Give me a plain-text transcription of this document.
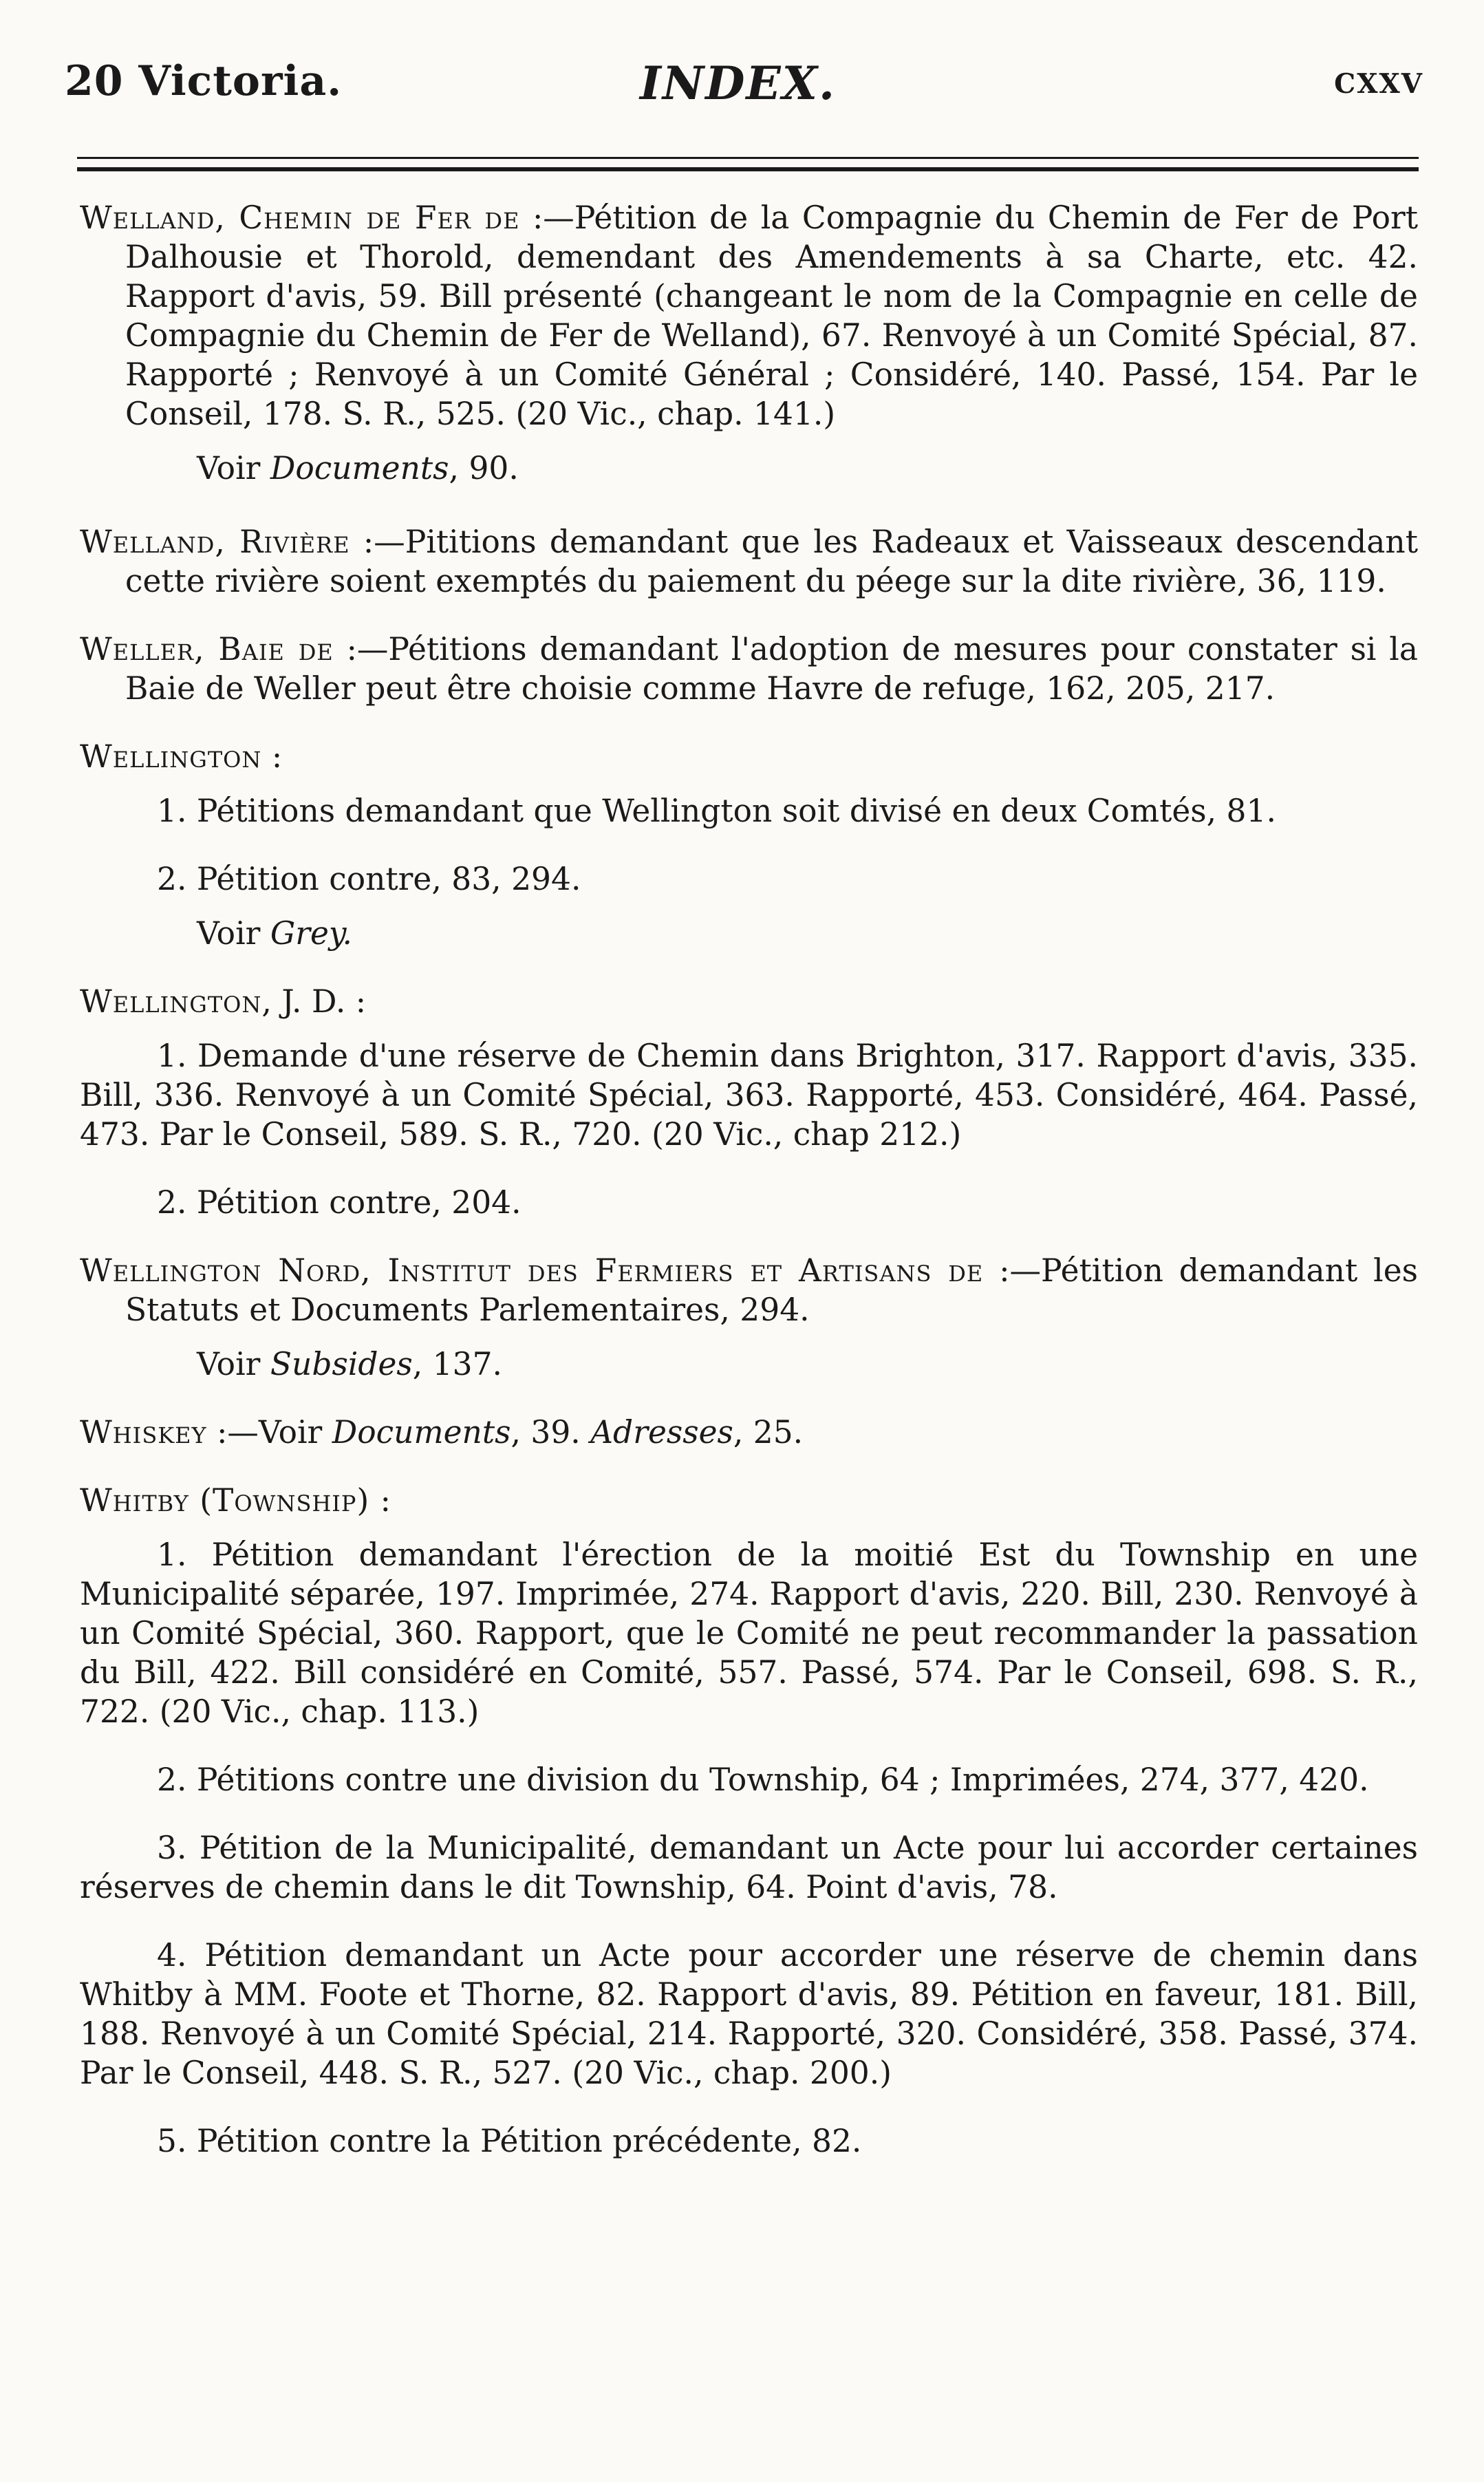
20 Victoria.	INDEX.	cxxv

Welland, Chemin de Fer de :—Pétition de la Compagnie du Chemin de Fer de Port Dalhousie et Thorold, demendant des Amendements à sa Charte, etc. 42. Rapport d'avis, 59. Bill présenté (changeant le nom de la Compagnie en celle de Compagnie du Chemin de Fer de Welland), 67. Renvoyé à un Comité Spécial, 87. Rapporté ; Renvoyé à un Comité Général ; Considéré, 140. Passé, 154. Par le Conseil, 178. S. R., 525. (20 Vic., chap. 141.)

Voir Documents, 90.

Welland, Rivière :—Pititions demandant que les Radeaux et Vaisseaux descendant cette rivière soient exemptés du paiement du péege sur la dite rivière, 36, 119.

Weller, Baie de :—Pétitions demandant l'adoption de mesures pour constater si la Baie de Weller peut être choisie comme Havre de refuge, 162, 205, 217.

Wellington :

1. Pétitions demandant que Wellington soit divisé en deux Comtés, 81.

2. Pétition contre, 83, 294.

Voir Grey.

Wellington, J. D. :

1. Demande d'une réserve de Chemin dans Brighton, 317. Rapport d'avis, 335. Bill, 336. Renvoyé à un Comité Spécial, 363. Rapporté, 453. Considéré, 464. Passé, 473. Par le Conseil, 589. S. R., 720. (20 Vic., chap 212.)

2. Pétition contre, 204.

Wellington Nord, Institut des Fermiers et Artisans de :—Pétition demandant les Statuts et Documents Parlementaires, 294.

Voir Subsides, 137.

Whiskey :—Voir Documents, 39. Adresses, 25.

Whitby (Township) :

1. Pétition demandant l'érection de la moitié Est du Township en une Municipalité séparée, 197. Imprimée, 274. Rapport d'avis, 220. Bill, 230. Renvoyé à un Comité Spécial, 360. Rapport, que le Comité ne peut recommander la passation du Bill, 422. Bill considéré en Comité, 557. Passé, 574. Par le Conseil, 698. S. R., 722. (20 Vic., chap. 113.)

2. Pétitions contre une division du Township, 64 ; Imprimées, 274, 377, 420.

3. Pétition de la Municipalité, demandant un Acte pour lui accorder certaines réserves de chemin dans le dit Township, 64. Point d'avis, 78.

4. Pétition demandant un Acte pour accorder une réserve de chemin dans Whitby à MM. Foote et Thorne, 82. Rapport d'avis, 89. Pétition en faveur, 181. Bill, 188. Renvoyé à un Comité Spécial, 214. Rapporté, 320. Considéré, 358. Passé, 374. Par le Conseil, 448. S. R., 527. (20 Vic., chap. 200.)

5. Pétition contre la Pétition précédente, 82.
